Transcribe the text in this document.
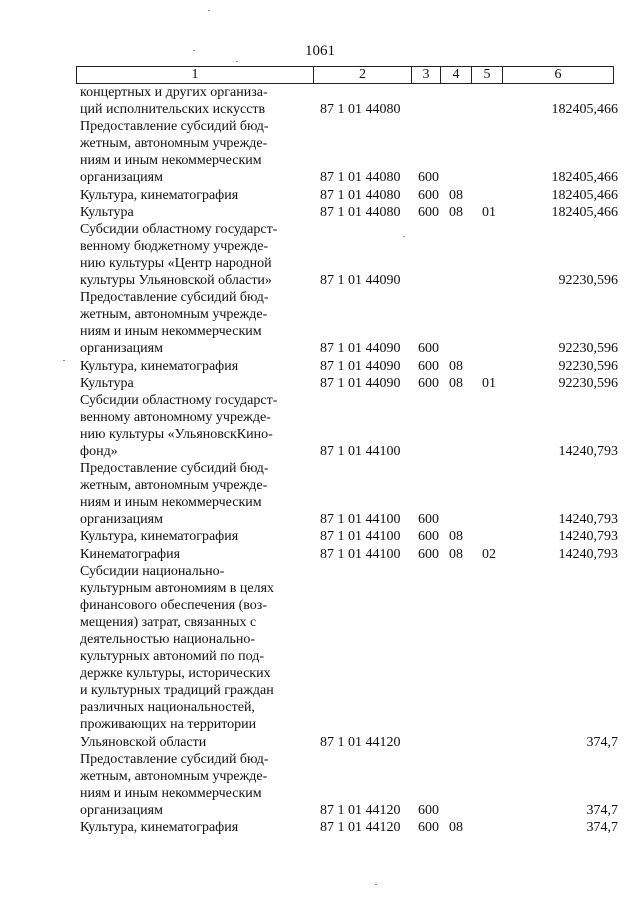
1061
1	2	3	4	5	6
концертных и других организа-					

ций исполнительских искусств	87 1 01 44080				182405,466

Предоставление субсидий бюд-					

жетным, автономным учрежде-					

ниям и иным некоммерческим					

организациям	87 1 01 44080	600			182405,466

Культура, кинематография	87 1 01 44080	600	08		182405,466

Культура	87 1 01 44080	600	08	01	182405,466

Субсидии областному государст-					

венному бюджетному учрежде-					

нию культуры «Центр народной					

культуры Ульяновской области»	87 1 01 44090				92230,596

Предоставление субсидий бюд-					

жетным, автономным учрежде-					

ниям и иным некоммерческим					

организациям	87 1 01 44090	600			92230,596

Культура, кинематография	87 1 01 44090	600	08		92230,596

Культура	87 1 01 44090	600	08	01	92230,596

Субсидии областному государст-					

венному автономному учрежде-					

нию культуры «УльяновскКино-					

фонд»	87 1 01 44100				14240,793

Предоставление субсидий бюд-					

жетным, автономным учрежде-					

ниям и иным некоммерческим					

организациям	87 1 01 44100	600			14240,793

Культура, кинематография	87 1 01 44100	600	08		14240,793

Кинематография	87 1 01 44100	600	08	02	14240,793

Субсидии национально-					

культурным автономиям в целях					

финансового обеспечения (воз-					

мещения) затрат, связанных с					

деятельностью национально-					

культурных автономий по под-					

держке культуры, исторических					

и культурных традиций граждан					

различных национальностей,					

проживающих на территории					

Ульяновской области	87 1 01 44120				374,7

Предоставление субсидий бюд-					

жетным, автономным учрежде-					

ниям и иным некоммерческим					

организациям	87 1 01 44120	600			374,7

Культура, кинематография	87 1 01 44120	600	08		374,7
